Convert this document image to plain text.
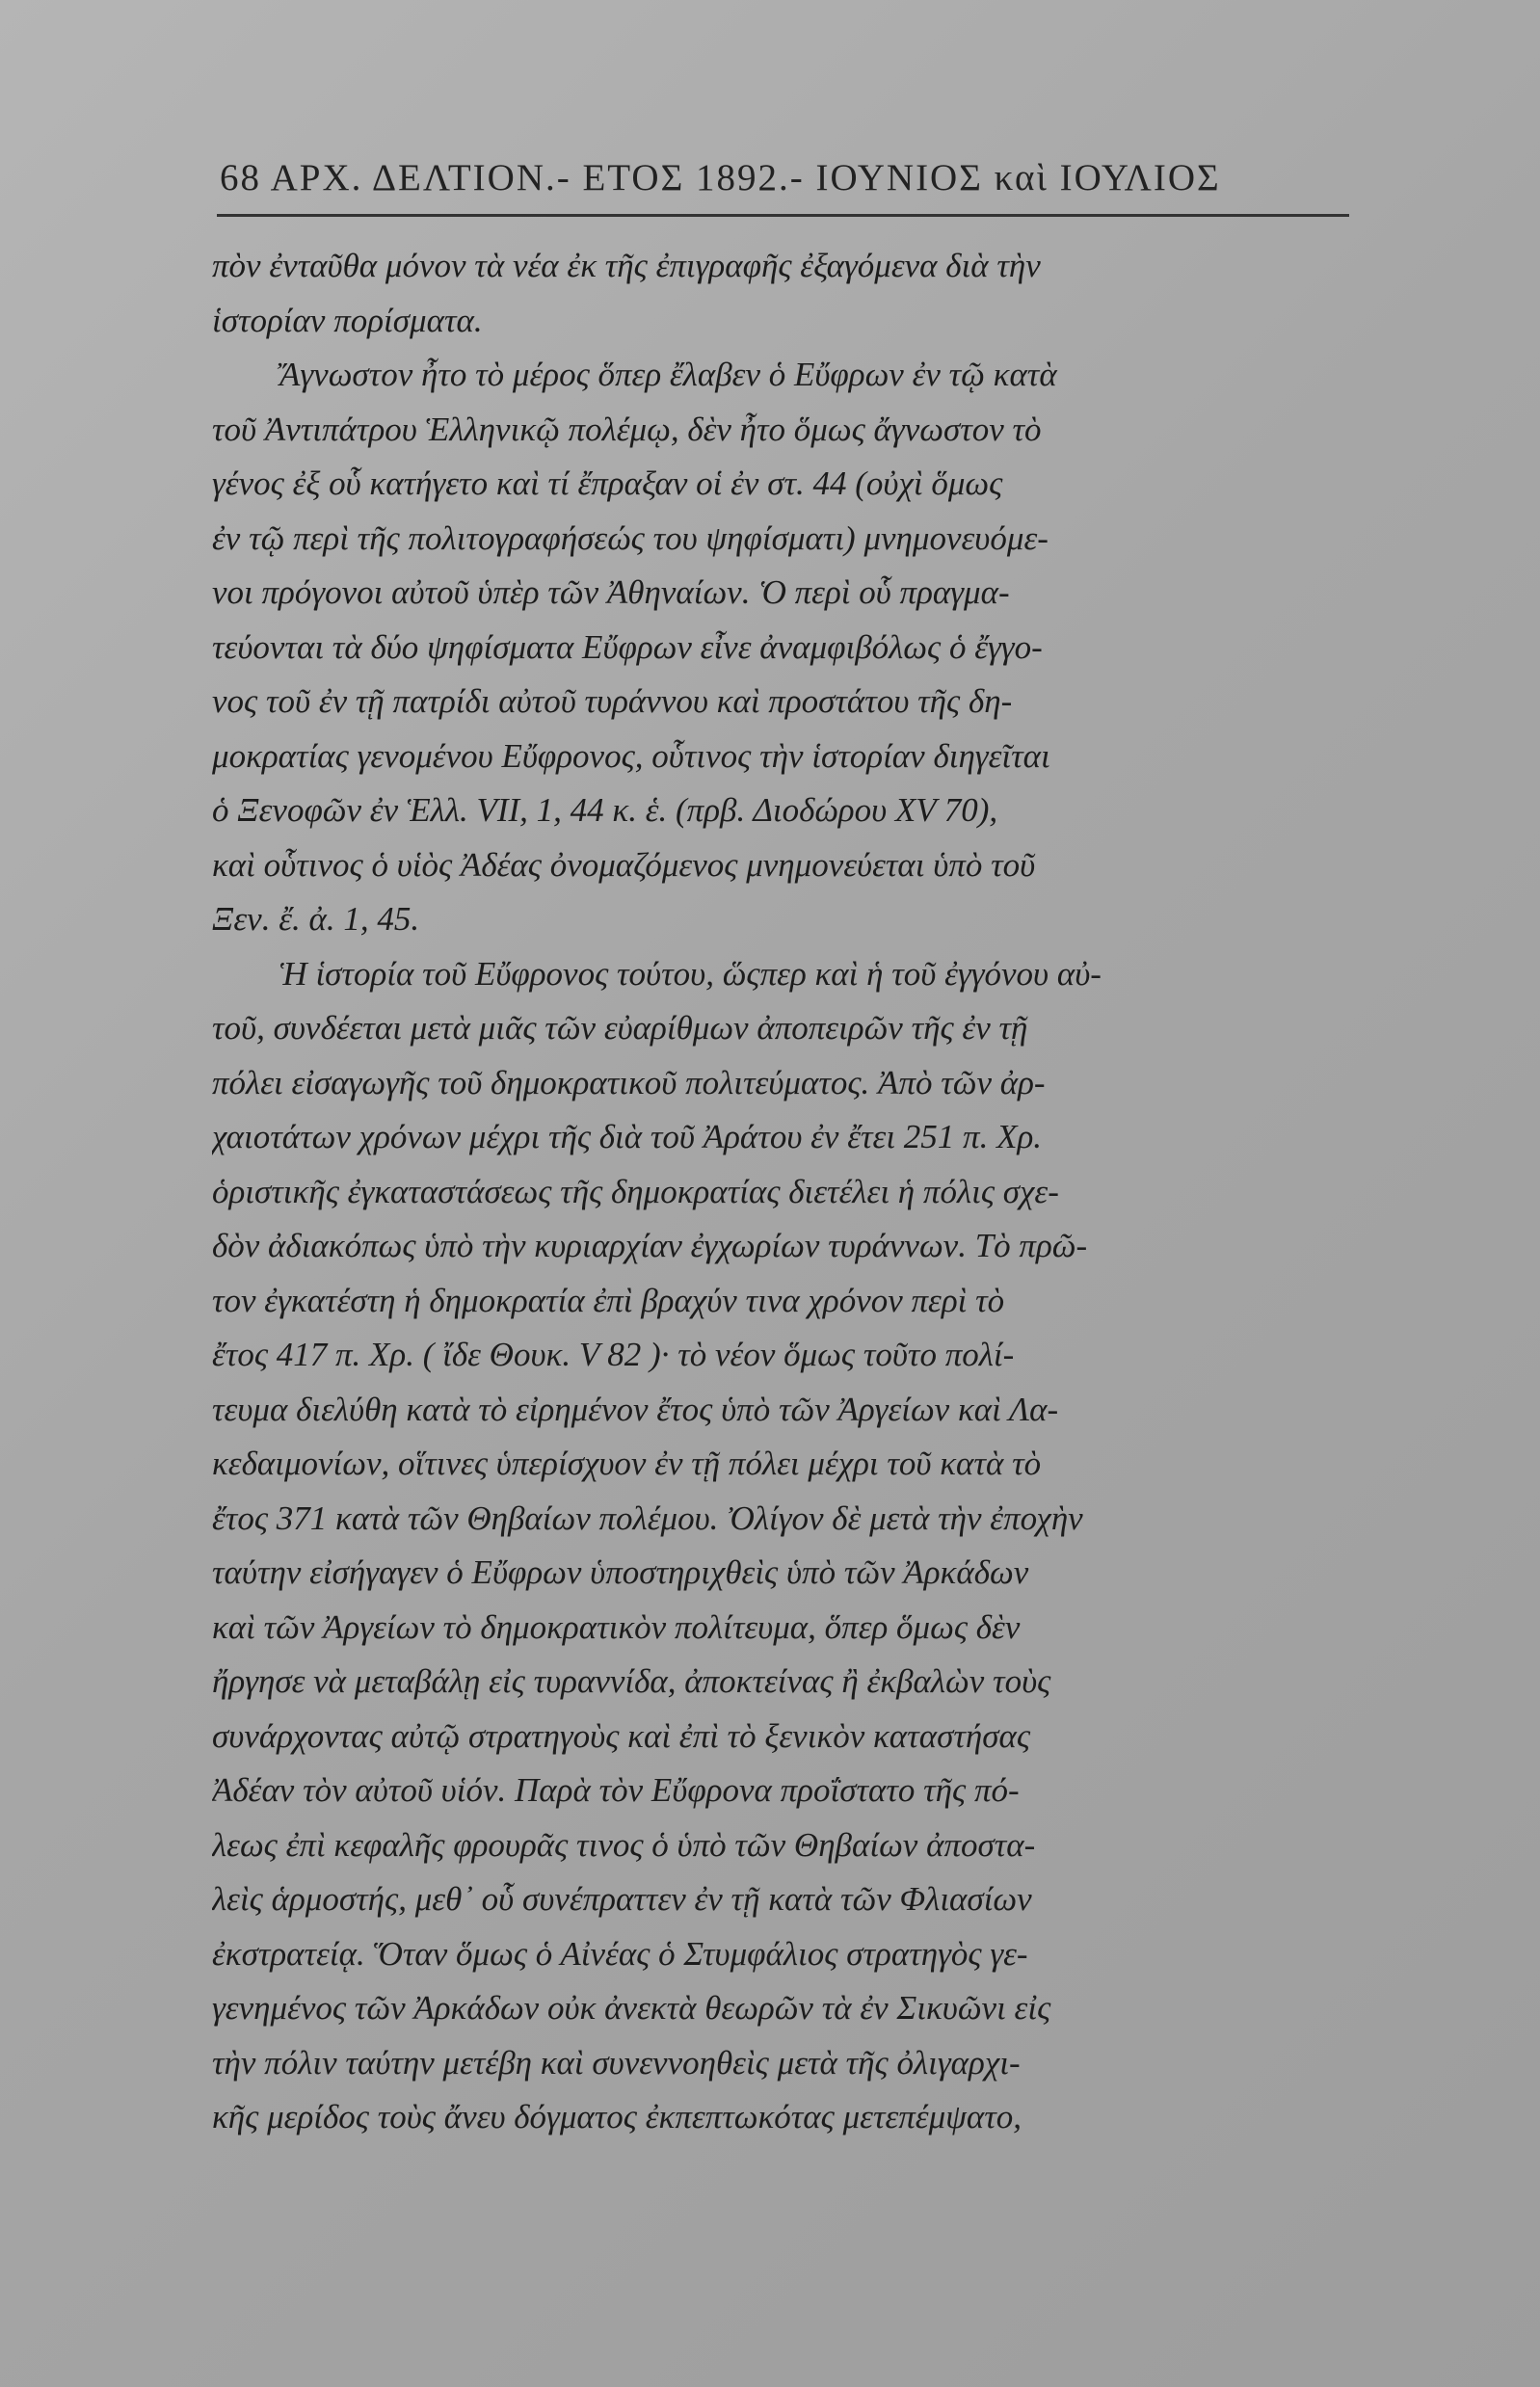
68 ΑΡΧ. ΔΕΛΤΙΟΝ.- ΕΤΟΣ 1892.- ΙΟΥΝΙΟΣ καὶ ΙΟΥΛΙΟΣ
πὸν ἐνταῦθα μόνον τὰ νέα ἐκ τῆς ἐπιγραφῆς ἐξαγόμενα διὰ τὴν
ἱστορίαν πορίσματα.
Ἄγνωστον ἦτο τὸ μέρος ὅπερ ἔλαβεν ὁ Εὔφρων ἐν τῷ κατὰ
τοῦ Ἀντιπάτρου Ἑλληνικῷ πολέμῳ, δὲν ἦτο ὅμως ἄγνωστον τὸ
γένος ἐξ οὗ κατήγετο καὶ τί ἔπραξαν οἱ ἐν στ. 44 (οὐχὶ ὅμως
ἐν τῷ περὶ τῆς πολιτογραφήσεώς του ψηφίσματι) μνημονευόμε-
νοι πρόγονοι αὐτοῦ ὑπὲρ τῶν Ἀθηναίων. Ὁ περὶ οὗ πραγμα-
τεύονται τὰ δύο ψηφίσματα Εὔφρων εἶνε ἀναμφιβόλως ὁ ἔγγο-
νος τοῦ ἐν τῇ πατρίδι αὐτοῦ τυράννου καὶ προστάτου τῆς δη-
μοκρατίας γενομένου Εὔφρονος, οὗτινος τὴν ἱστορίαν διηγεῖται
ὁ Ξενοφῶν ἐν Ἑλλ. VII, 1, 44 κ. ἑ. (πρβ. Διοδώρου XV 70),
καὶ οὗτινος ὁ υἱὸς Ἀδέας ὀνομαζόμενος μνημονεύεται ὑπὸ τοῦ
Ξεν. ἔ. ἀ. 1, 45.
Ἡ ἱστορία τοῦ Εὔφρονος τούτου, ὥςπερ καὶ ἡ τοῦ ἐγγόνου αὐ-
τοῦ, συνδέεται μετὰ μιᾶς τῶν εὐαρίθμων ἀποπειρῶν τῆς ἐν τῇ
πόλει εἰσαγωγῆς τοῦ δημοκρατικοῦ πολιτεύματος. Ἀπὸ τῶν ἀρ-
χαιοτάτων χρόνων μέχρι τῆς διὰ τοῦ Ἀράτου ἐν ἔτει 251 π. Χρ.
ὁριστικῆς ἐγκαταστάσεως τῆς δημοκρατίας διετέλει ἡ πόλις σχε-
δὸν ἀδιακόπως ὑπὸ τὴν κυριαρχίαν ἐγχωρίων τυράννων. Τὸ πρῶ-
τον ἐγκατέστη ἡ δημοκρατία ἐπὶ βραχύν τινα χρόνον περὶ τὸ
ἔτος 417 π. Χρ. ( ἴδε Θουκ. V 82 )· τὸ νέον ὅμως τοῦτο πολί-
τευμα διελύθη κατὰ τὸ εἰρημένον ἔτος ὑπὸ τῶν Ἀργείων καὶ Λα-
κεδαιμονίων, οἵτινες ὑπερίσχυον ἐν τῇ πόλει μέχρι τοῦ κατὰ τὸ
ἔτος 371 κατὰ τῶν Θηβαίων πολέμου. Ὀλίγον δὲ μετὰ τὴν ἐποχὴν
ταύτην εἰσήγαγεν ὁ Εὔφρων ὑποστηριχθεὶς ὑπὸ τῶν Ἀρκάδων
καὶ τῶν Ἀργείων τὸ δημοκρατικὸν πολίτευμα, ὅπερ ὅμως δὲν
ἤργησε νὰ μεταβάλῃ εἰς τυραννίδα, ἀποκτείνας ἢ ἐκβαλὼν τοὺς
συνάρχοντας αὐτῷ στρατηγοὺς καὶ ἐπὶ τὸ ξενικὸν καταστήσας
Ἀδέαν τὸν αὐτοῦ υἱόν. Παρὰ τὸν Εὔφρονα προΐστατο τῆς πό-
λεως ἐπὶ κεφαλῆς φρουρᾶς τινος ὁ ὑπὸ τῶν Θηβαίων ἀποστα-
λεὶς ἁρμοστής, μεθ᾽ οὗ συνέπραττεν ἐν τῇ κατὰ τῶν Φλιασίων
ἐκστρατείᾳ. Ὅταν ὅμως ὁ Αἰνέας ὁ Στυμφάλιος στρατηγὸς γε-
γενημένος τῶν Ἀρκάδων οὐκ ἀνεκτὰ θεωρῶν τὰ ἐν Σικυῶνι εἰς
τὴν πόλιν ταύτην μετέβη καὶ συνεννοηθεὶς μετὰ τῆς ὀλιγαρχι-
κῆς μερίδος τοὺς ἄνευ δόγματος ἐκπεπτωκότας μετεπέμψατο,
